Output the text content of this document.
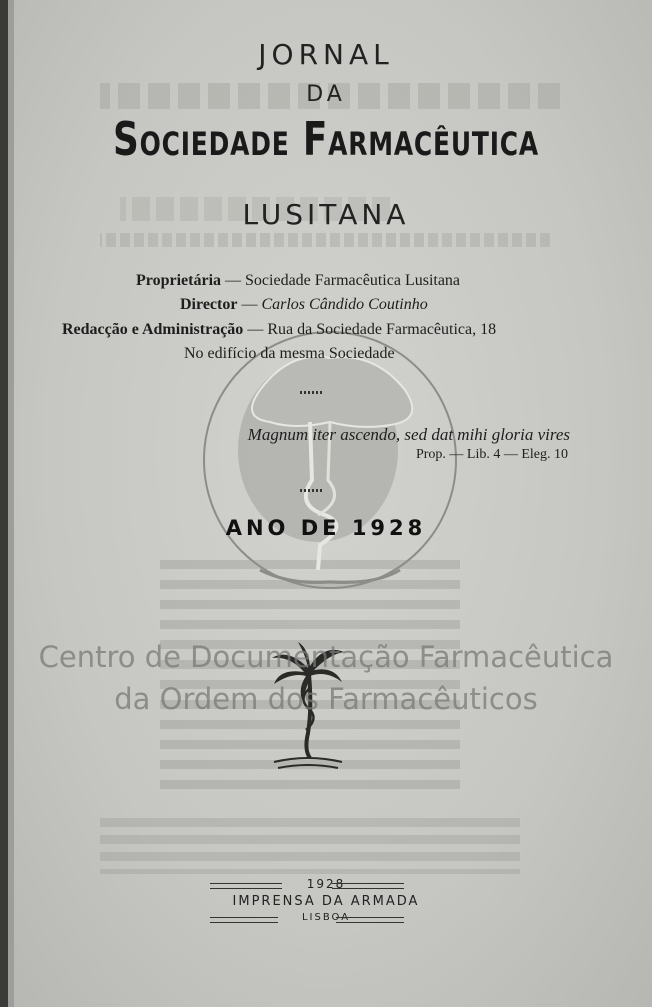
JORNAL
DA
Sociedade Farmacêutica
LUSITANA
Proprietária — Sociedade Farmacêutica Lusitana
Director — Carlos Cândido Coutinho
Redacção e Administração — Rua da Sociedade Farmacêutica, 18
No edifício da mesma Sociedade
Magnum iter ascendo, sed dat mihi gloria vires
Prop. — Lib. 4 — Eleg. 10
ANO DE 1928
Centro de Documentação Farmacêutica
da Ordem dos Farmacêuticos
1928
IMPRENSA DA ARMADA
LISBOA
